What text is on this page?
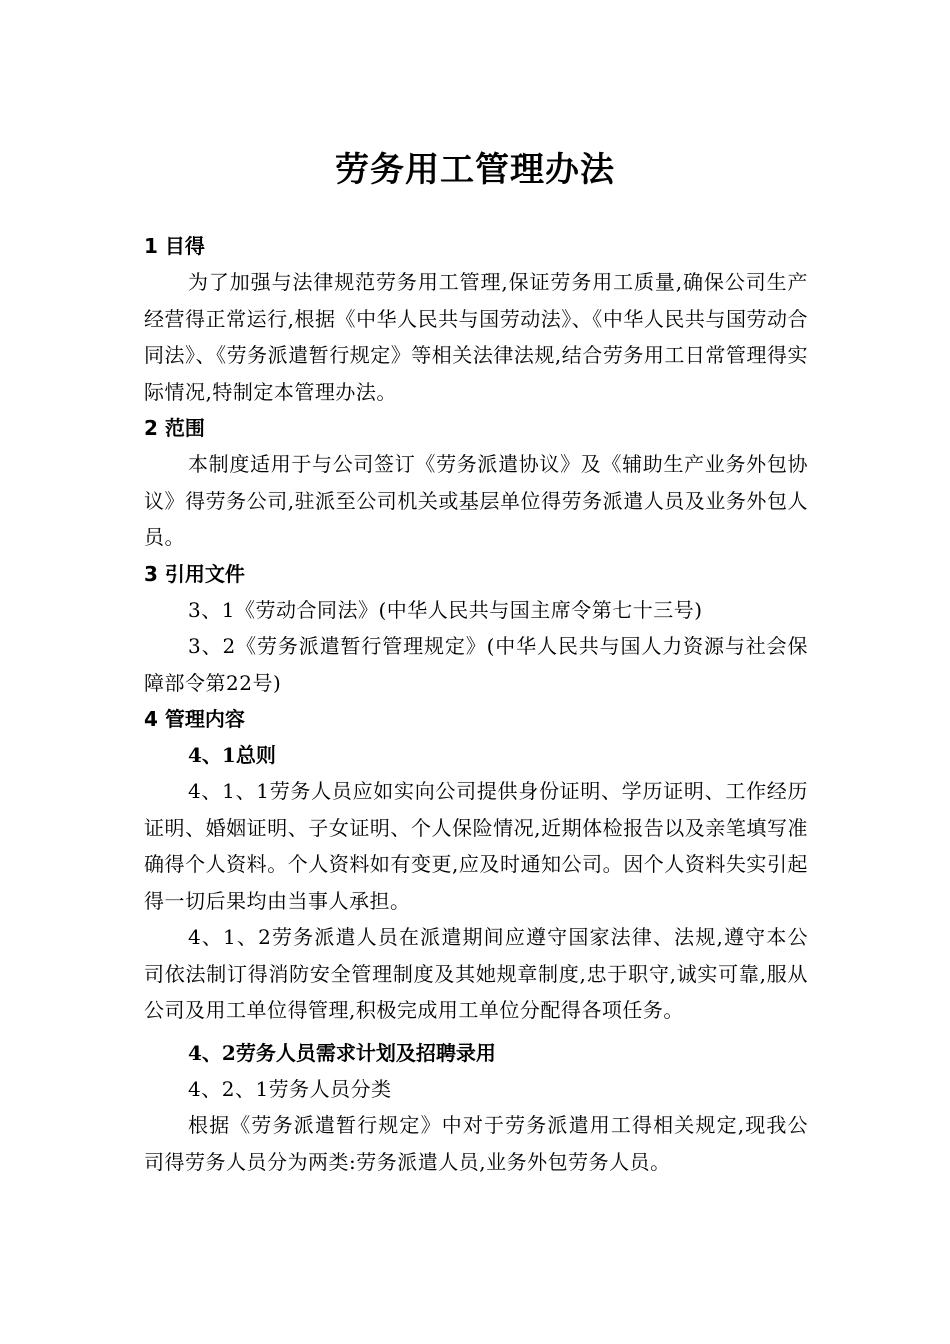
劳务用工管理办法
1 目得
为了加强与法律规范劳务用工管理,保证劳务用工质量,确保公司生产经营得正常运行,根据《中华人民共与国劳动法》、《中华人民共与国劳动合同法》、《劳务派遣暂行规定》等相关法律法规,结合劳务用工日常管理得实际情况,特制定本管理办法。
2 范围
本制度适用于与公司签订《劳务派遣协议》及《辅助生产业务外包协议》得劳务公司,驻派至公司机关或基层单位得劳务派遣人员及业务外包人员。
3 引用文件
3、1《劳动合同法》(中华人民共与国主席令第七十三号)
3、2《劳务派遣暂行管理规定》(中华人民共与国人力资源与社会保障部令第22号)
4 管理内容
4、1总则
4、1、1劳务人员应如实向公司提供身份证明、学历证明、工作经历证明、婚姻证明、子女证明、个人保险情况,近期体检报告以及亲笔填写准确得个人资料。个人资料如有变更,应及时通知公司。因个人资料失实引起得一切后果均由当事人承担。
4、1、2劳务派遣人员在派遣期间应遵守国家法律、法规,遵守本公司依法制订得消防安全管理制度及其她规章制度,忠于职守,诚实可靠,服从公司及用工单位得管理,积极完成用工单位分配得各项任务。
4、2劳务人员需求计划及招聘录用
4、2、1劳务人员分类
根据《劳务派遣暂行规定》中对于劳务派遣用工得相关规定,现我公司得劳务人员分为两类:劳务派遣人员,业务外包劳务人员。
